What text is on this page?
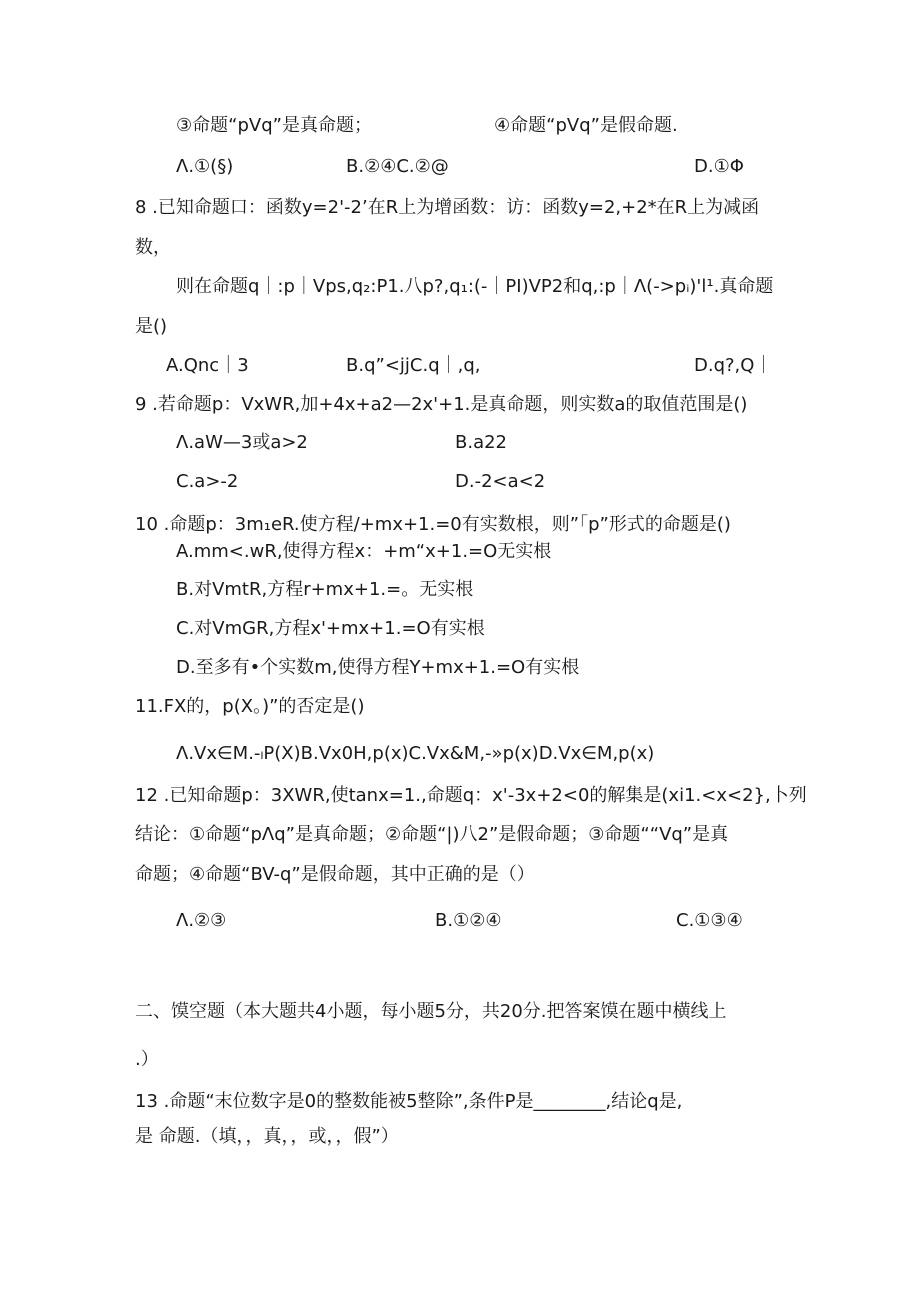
③命题“pVq”是真命题；	④命题“pVq”是假命题.
Λ.①(§)	B.②④C.②@	D.①Φ
8 .已知命题口：函数y=2'-2’在R上为增函数：访：函数y=2,+2*在R上为减函
数，
则在命题q｜:p｜Vps,q₂:P1.八p?,q₁:(-｜PI)VP2和q,:p｜Λ(->pᵢ)'l¹.真命题
是()
A.Qnc｜3	B.q”<jjC.q｜,q,	D.q?,Q｜
9 .若命题p：VxWR,加+4x+a2—2x'+1.是真命题，则实数a的取值范围是()
Λ.aW—3或a>2	B.a22
C.a>-2	D.-2<a<2
10 .命题p：3m₁eR.使方程/+mx+1.=0有实数根，则”「p”形式的命题是()
A.mm<.wR,使得方程x：+m“x+1.=O无实根
B.对VmtR,方程r+mx+1.=。无实根
C.对VmGR,方程x'+mx+1.=O有实根
D.至多有•个实数m,使得方程Y+mx+1.=O有实根
11.FX的，p(X。)”的否定是()
Λ.Vx∈M.-ₗP(X)B.Vx0H,p(x)C.Vx&M,-»p(x)D.Vx∈M,p(x)
12 .已知命题p：3XWR,使tanx=1.,命题q：x'-3x+2<0的解集是(xi1.<x<2},卜列
结论：①命题“pΛq”是真命题；②命题“|)八2”是假命题；③命题““Vq”是真
命题；④命题“BV-q”是假命题，其中正确的是（）
Λ.②③	B.①②④	C.①③④
二、馍空题（本大题共4小题，每小题5分，共20分.把答案馍在题中横线上
.）
13 .命题“末位数字是0的整数能被5整除”,条件P是________,结论q是,
是 命题.（填，，真，，或，，假”）
